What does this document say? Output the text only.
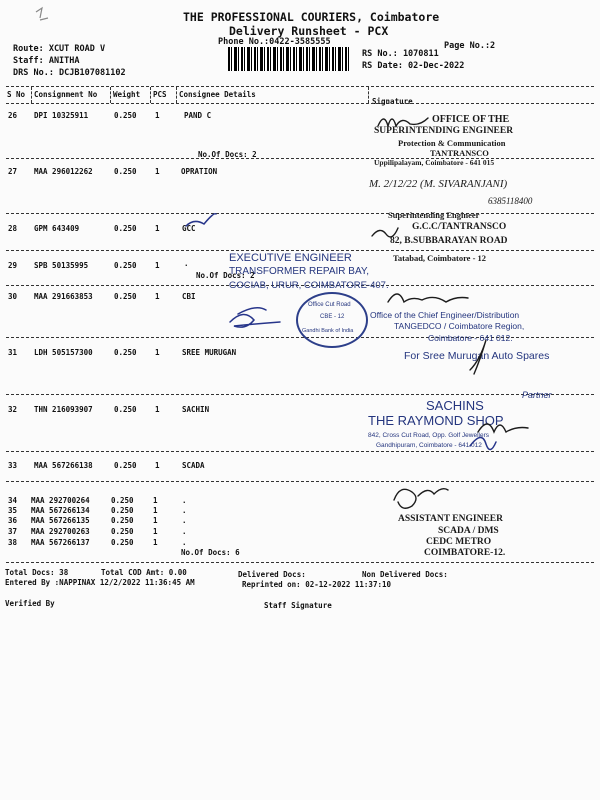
THE PROFESSIONAL COURIERS, Coimbatore
Delivery Runsheet - PCX
Phone No.:0422-3585555	Page No.:2
Route: XCUT ROAD V
Staff: ANITHA
DRS No.: DCJB107081102
RS No.: 1070811
RS Date: 02-Dec-2022
S No Consignment No Weight PCS Consignee Details
Signature
26 DPI 10325911	0.250 1	PAND C
No.Of Docs: 2
27 MAA 296012262	0.250 1	OPRATION
28 GPM 643409	0.250 1	GCC
29 SPB 50135995	0.250 1	.
No.Of Docs: 2
30 MAA 291663853	0.250 1	CBI
31 LDH 505157300	0.250 1	SREE MURUGAN
32 THN 216093907	0.250 1	SACHIN
33 MAA 567266138	0.250 1	SCADA
34 MAA 292700264	0.250	1	.
35 MAA 567266134	0.250	1	.
36 MAA 567266135	0.250	1	.
37 MAA 292700263	0.250	1	.
38 MAA 567266137	0.250	1	.
No.Of Docs: 6
Total Docs: 38	Total COD Amt: 0.00	Delivered Docs:	Non Delivered Docs:
Entered By :NAPPINAX 12/2/2022 11:36:45 AM	Reprinted on: 02-12-2022 11:37:10
Verified By	Staff Signature
OFFICE OF THE
SUPERINTENDING ENGINEER
Protection & Communication
TANTRANSCO
Uppilipalayam, Coimbatore - 641 015
M. 2/12/22 (M. SIVARANJANI)
6385118400
Superintending Engineer
G.C.C/TANTRANSCO
82, B.SUBBARAYAN ROAD
Tatabad, Coimbatore - 12
EXECUTIVE ENGINEER
TRANSFORMER REPAIR BAY,
GOCIAB, URUR, COIMBATORE-407.
Office of the Chief Engineer/Distribution
TANGEDCO / Coimbatore Region,
Coimbatore - 641 012.
Office Cut Road
CBE - 12
Gandhi Bank of India
For Sree Murugan Auto Spares
Partner
SACHINS
THE RAYMOND SHOP
842, Cross Cut Road, Opp. Golf Jewellers
Gandhipuram, Coimbatore - 641 012
ASSISTANT ENGINEER
SCADA / DMS
CEDC METRO
COIMBATORE-12.
